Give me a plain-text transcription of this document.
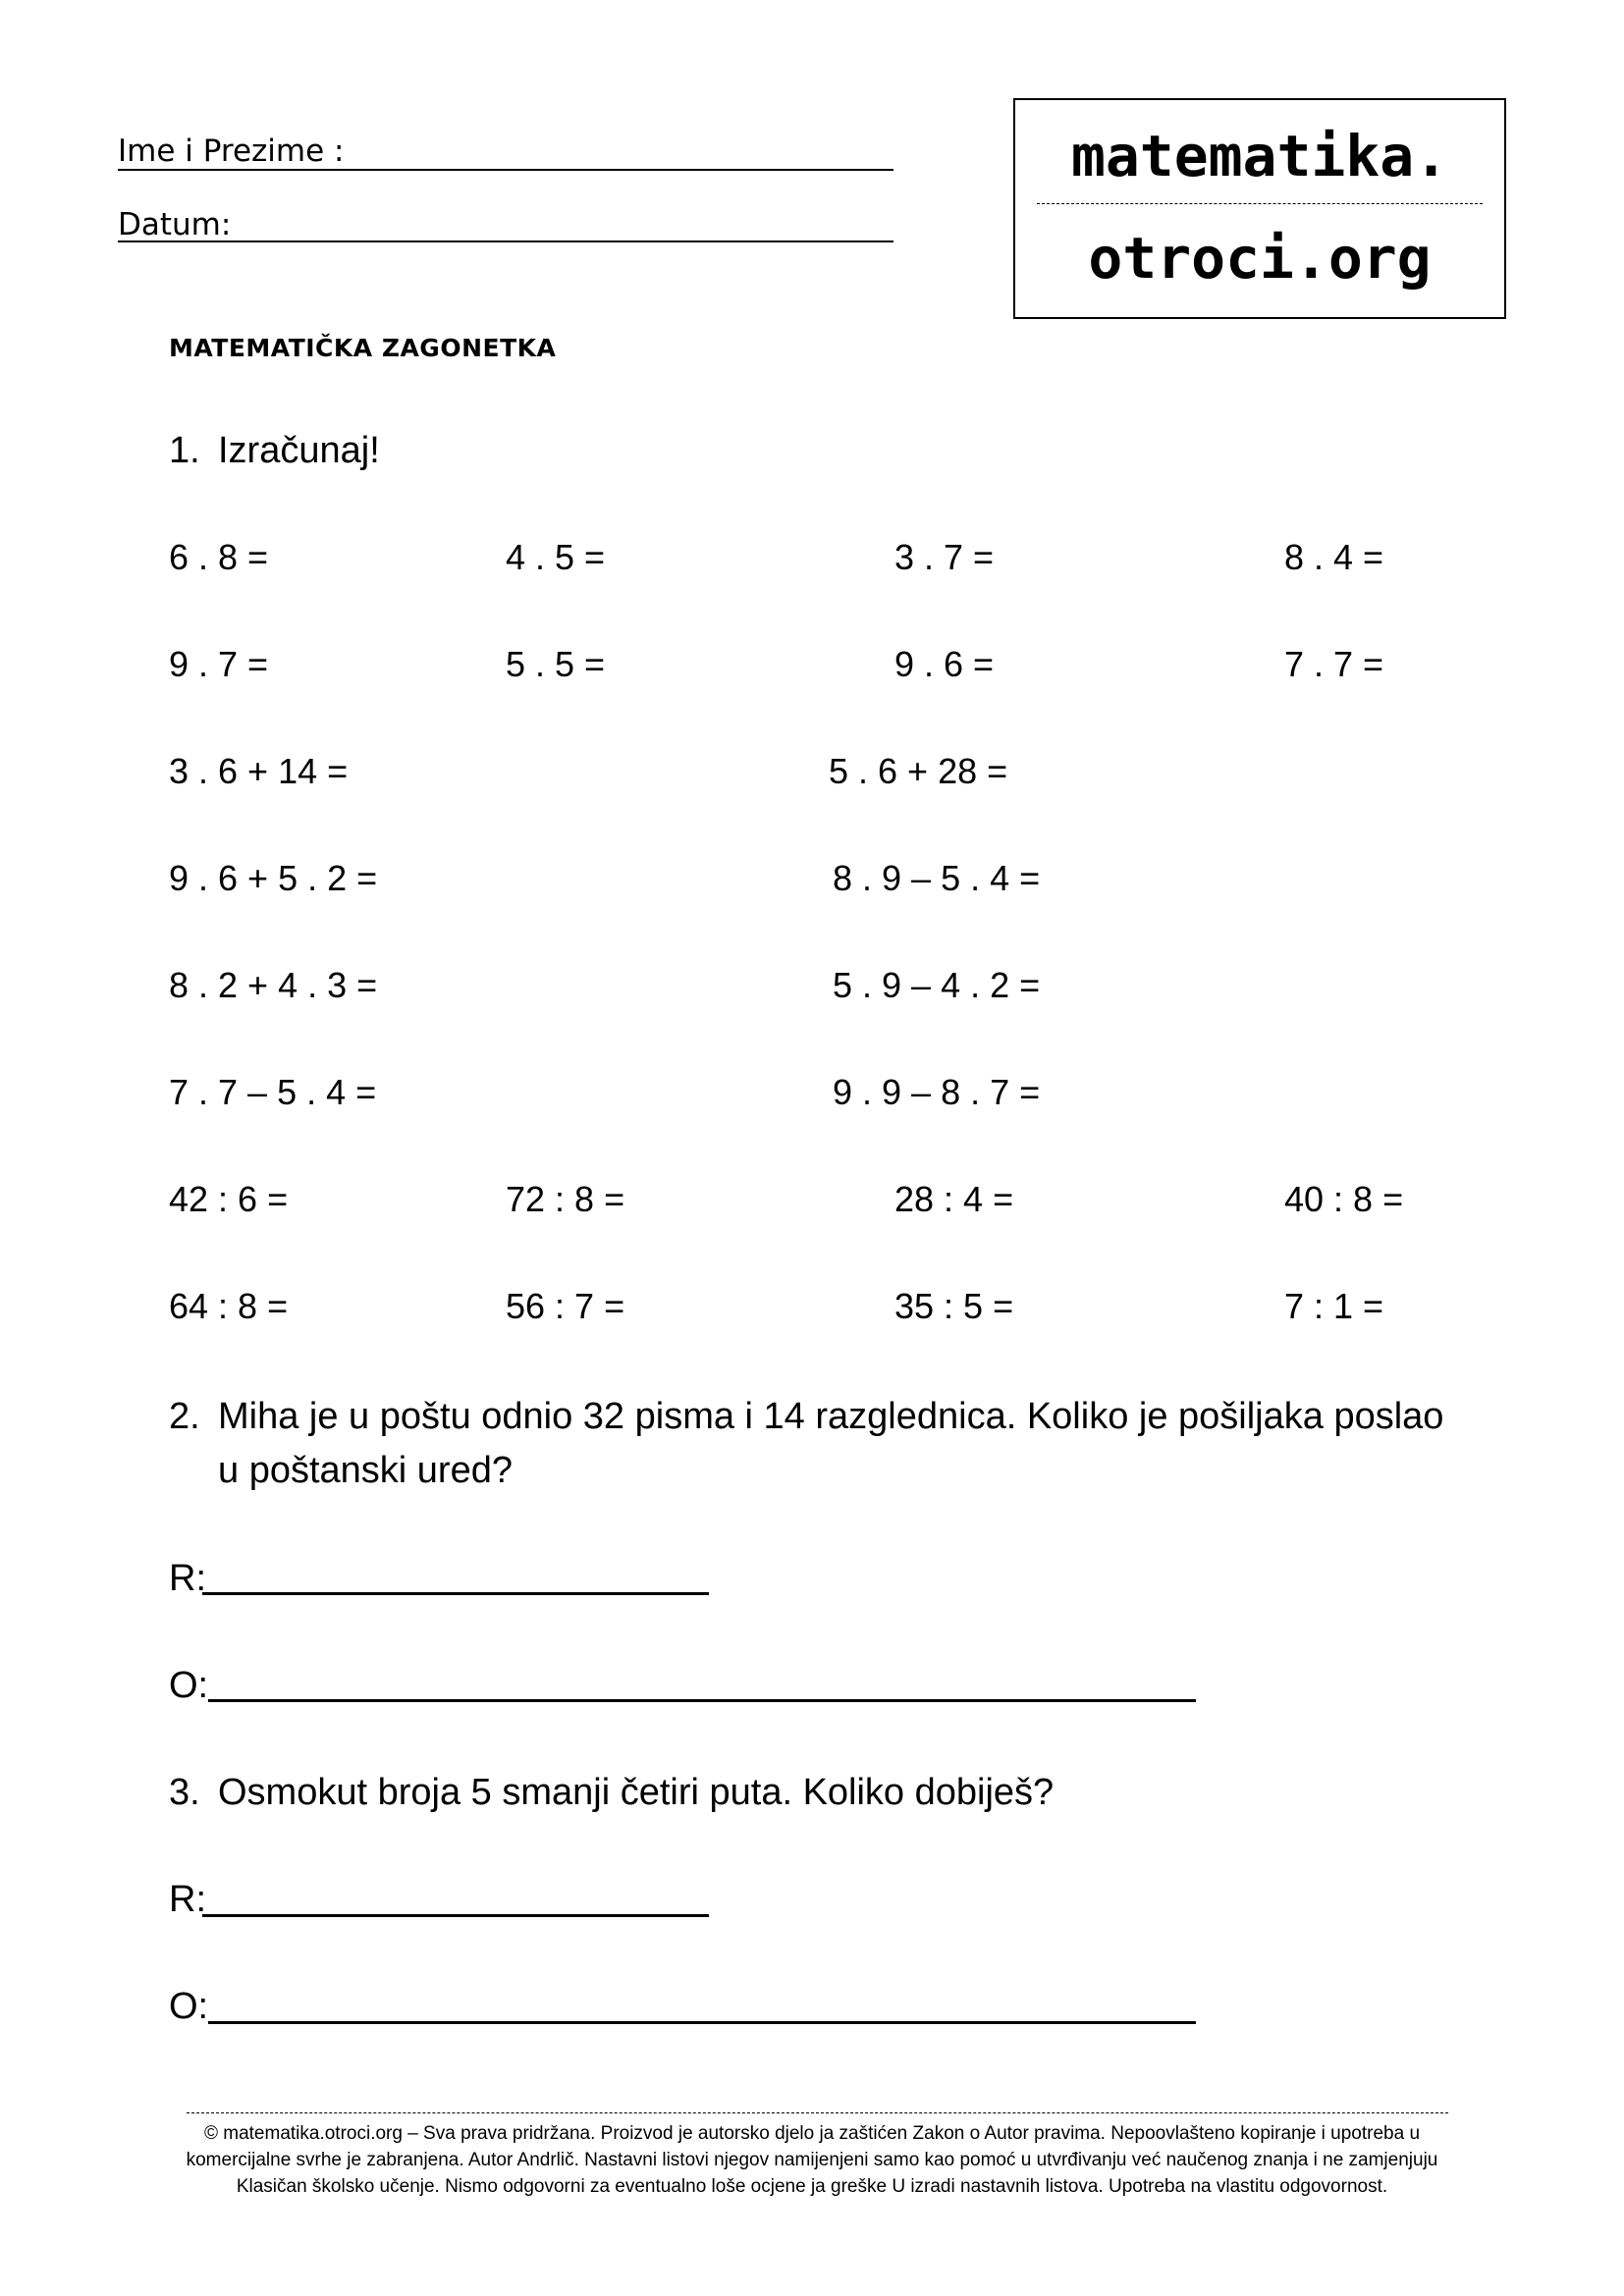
Ime i Prezime :
Datum:
matematika.
otroci.org
MATEMATIČKA ZAGONETKA
1. Izračunaj!
6 . 8 =	4 . 5 =	3 . 7 =	8 . 4 =
9 . 7 =	5 . 5 =	9 . 6 =	7 . 7 =
3 . 6 + 14 =	5 . 6 + 28 =
9 . 6 + 5 . 2 =	8 . 9 – 5 . 4 =
8 . 2 + 4 . 3 =	5 . 9 – 4 . 2 =
7 . 7 – 5 . 4 =	9 . 9 – 8 . 7 =
42 : 6 =	72 : 8 =	28 : 4 =	40 : 8 =
64 : 8 =	56 : 7 =	35 : 5 =	7 : 1 =
2. Miha je u poštu odnio 32 pisma i 14 razglednica. Koliko je pošiljaka poslao
u poštanski ured?
R:
O:
3. Osmokut broja 5 smanji četiri puta. Koliko dobiješ?
R:
O:
© matematika.otroci.org – Sva prava pridržana. Proizvod je autorsko djelo ja zaštićen Zakon o Autor pravima. Nepoovlašteno kopiranje i upotreba u
komercijalne svrhe je zabranjena. Autor Andrlič. Nastavni listovi njegov namijenjeni samo kao pomoć u utvrđivanju već naučenog znanja i ne zamjenjuju
Klasičan školsko učenje. Nismo odgovorni za eventualno loše ocjene ja greške U izradi nastavnih listova. Upotreba na vlastitu odgovornost.
